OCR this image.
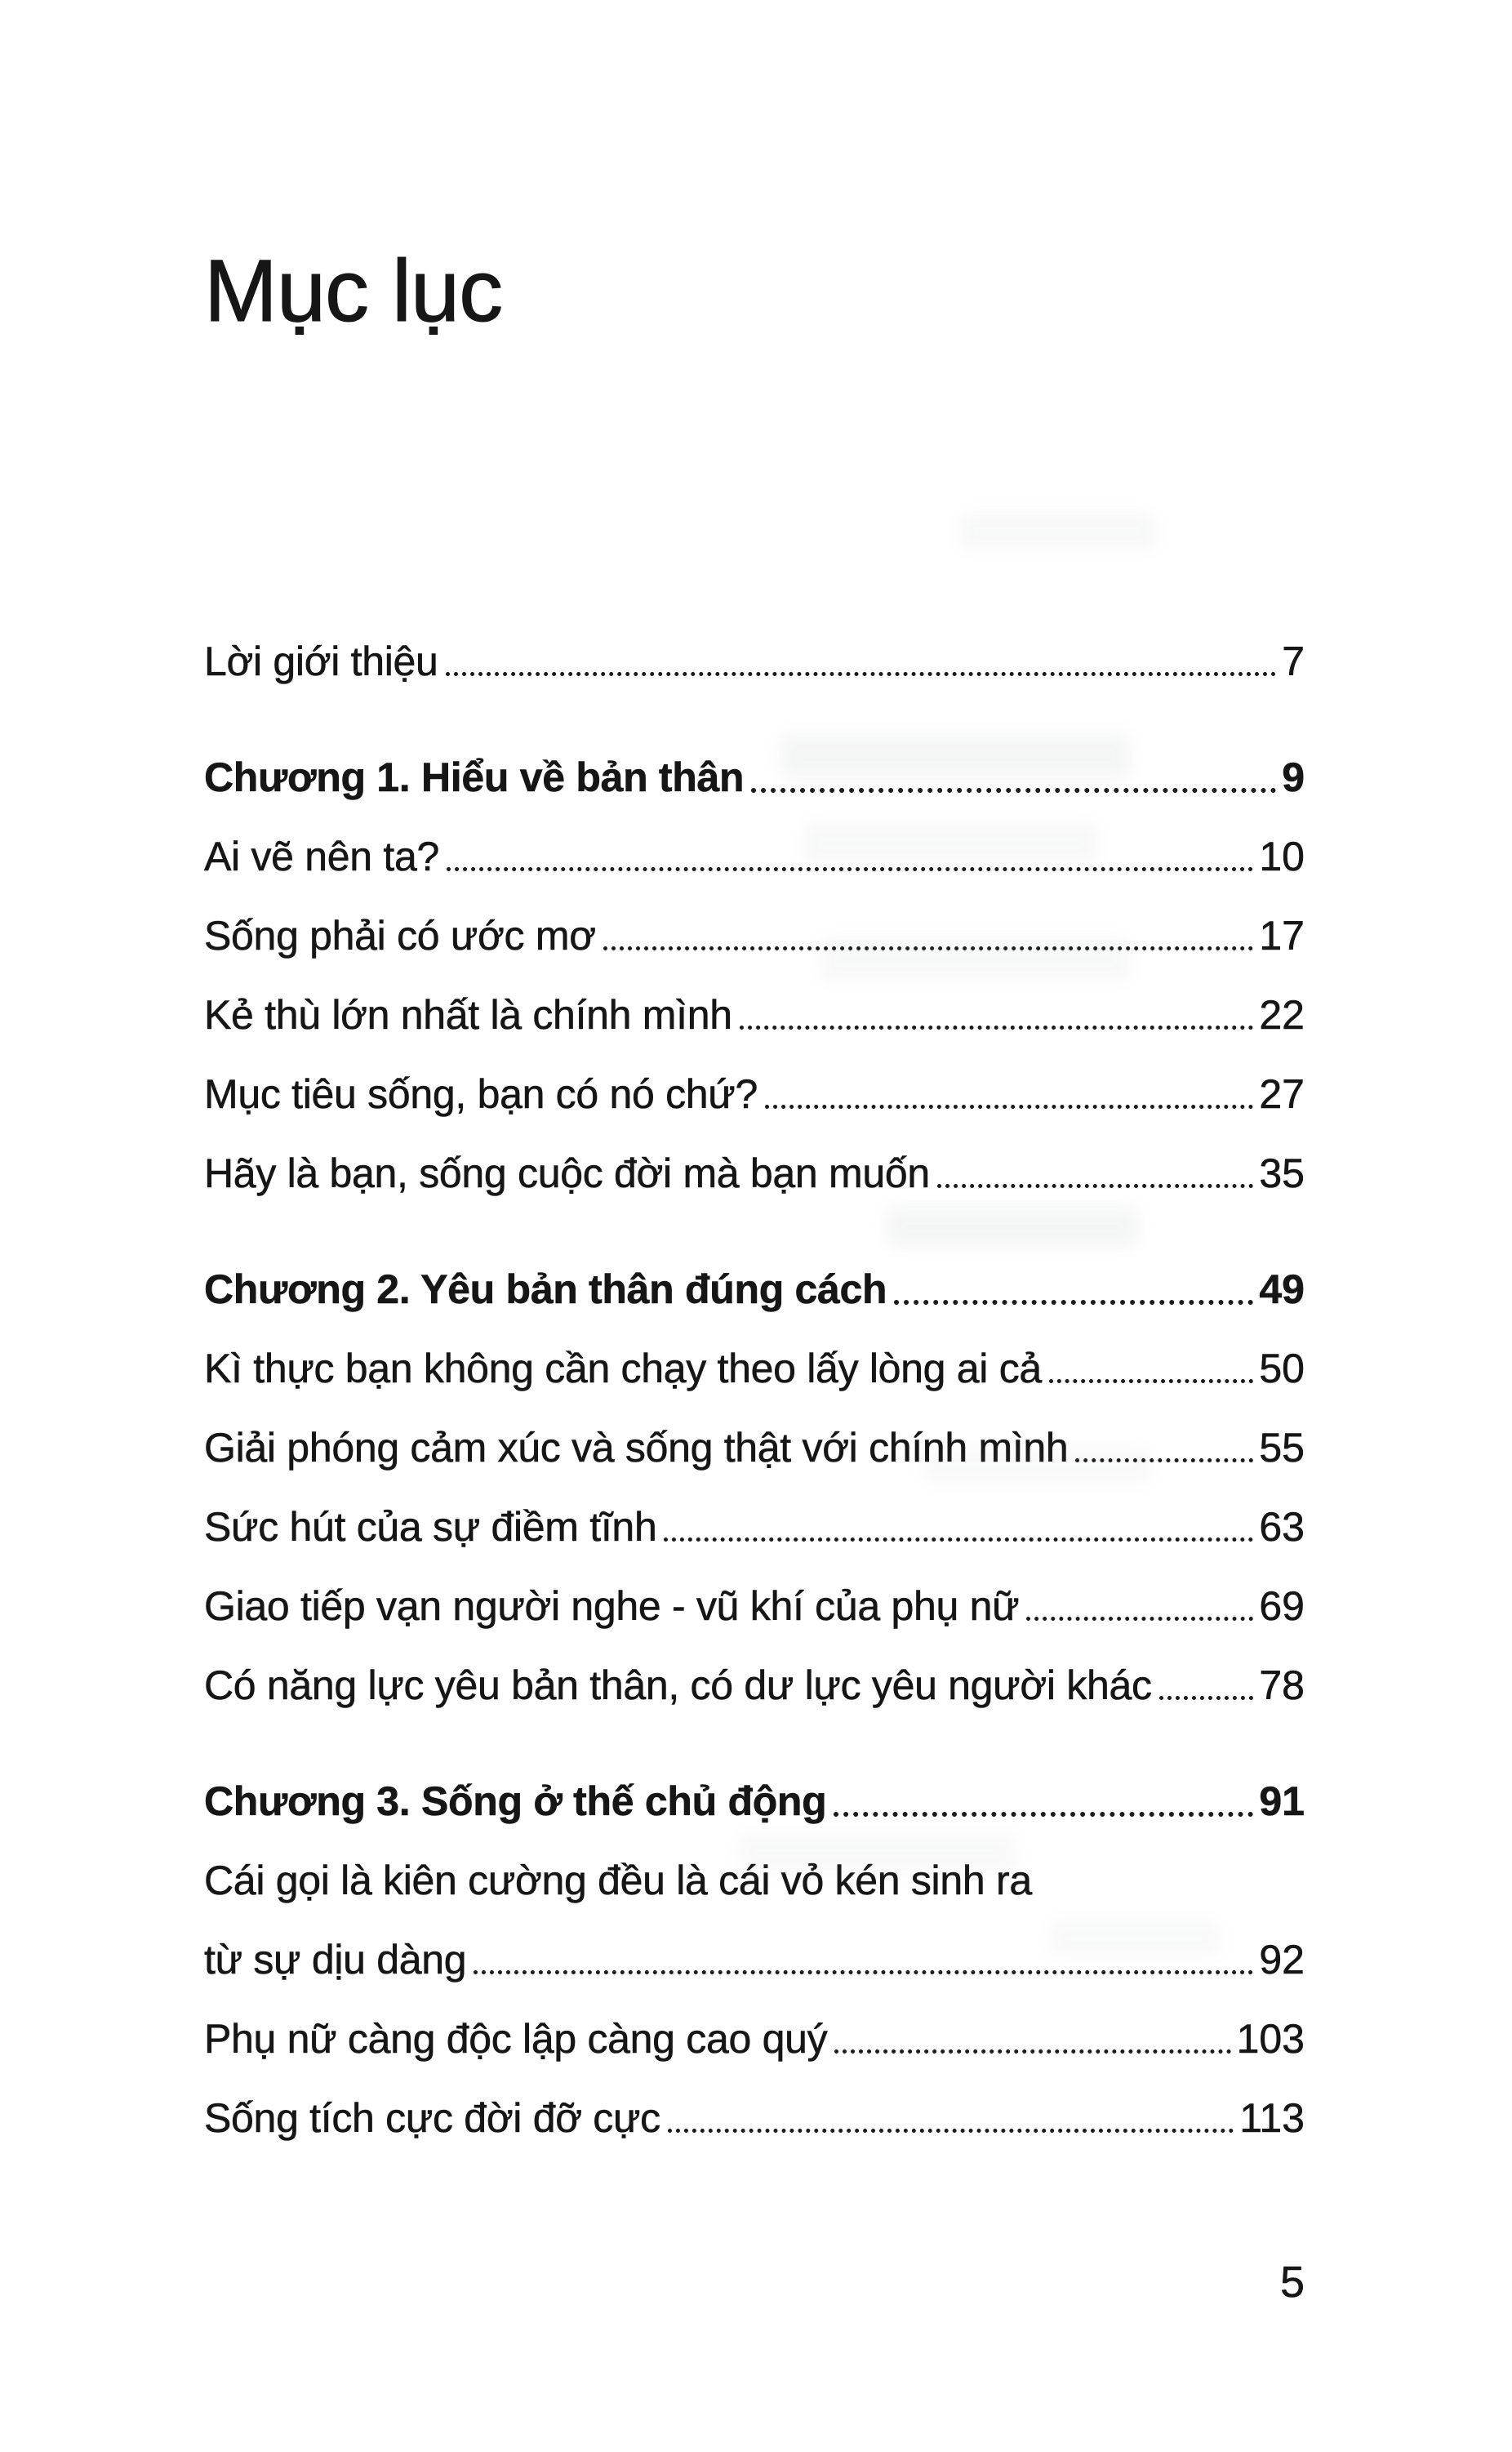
Mục lục
Lời giới thiệu	7
Chương 1. Hiểu về bản thân	9
Ai vẽ nên ta?	10
Sống phải có ước mơ	17
Kẻ thù lớn nhất là chính mình	22
Mục tiêu sống, bạn có nó chứ?	27
Hãy là bạn, sống cuộc đời mà bạn muốn	35
Chương 2. Yêu bản thân đúng cách	49
Kì thực bạn không cần chạy theo lấy lòng ai cả	50
Giải phóng cảm xúc và sống thật với chính mình	55
Sức hút của sự điềm tĩnh	63
Giao tiếp vạn người nghe - vũ khí của phụ nữ	69
Có năng lực yêu bản thân, có dư lực yêu người khác	78
Chương 3. Sống ở thế chủ động	91
Cái gọi là kiên cường đều là cái vỏ kén sinh ra
từ sự dịu dàng	92
Phụ nữ càng độc lập càng cao quý	103
Sống tích cực đời đỡ cực	113
5
